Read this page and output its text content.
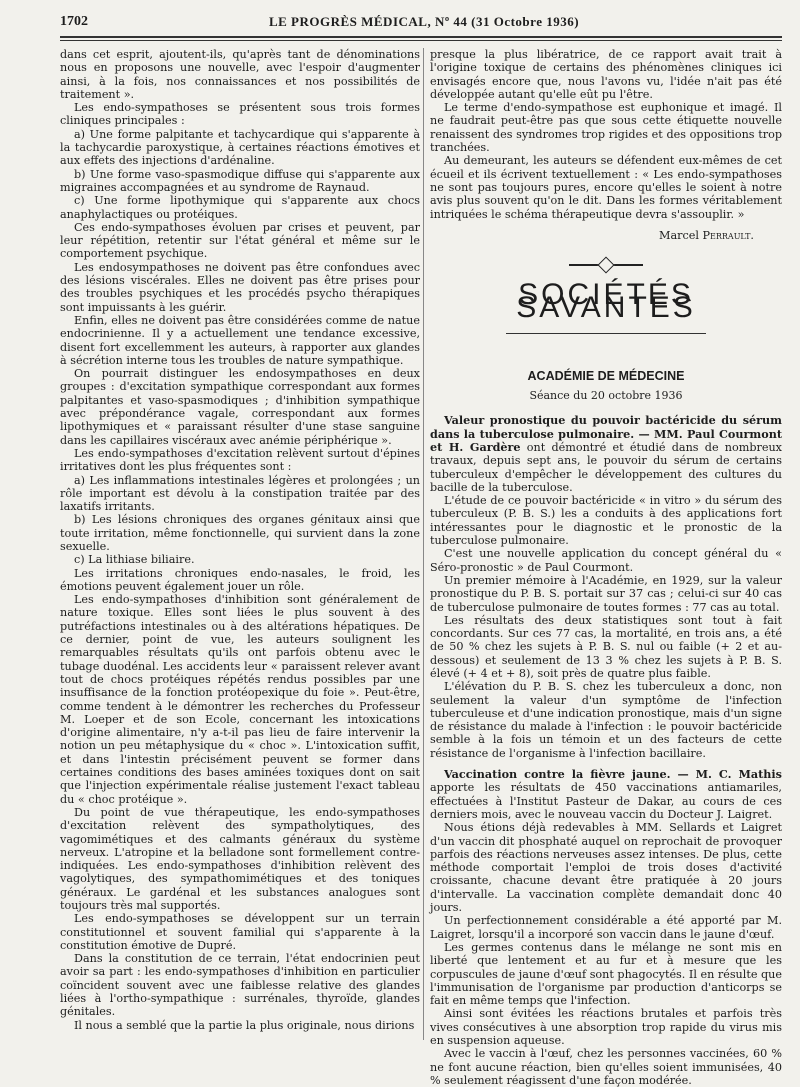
1702	LE PROGRÈS MÉDICAL, Nº 44 (31 Octobre 1936)

dans cet esprit, ajoutent-ils, qu'après tant de dénominations nous en proposons une nouvelle, avec l'espoir d'augmenter ainsi, à la fois, nos connaissances et nos possibilités de traitement ».

Les endo-sympathoses se présentent sous trois formes cliniques principales :

a) Une forme palpitante et tachycardique qui s'apparente à la tachycardie paroxystique, à certaines réactions émotives et aux effets des injections d'ardénaline.

b) Une forme vaso-spasmodique diffuse qui s'apparente aux migraines accompagnées et au syndrome de Raynaud.

c) Une forme lipothymique qui s'apparente aux chocs anaphylactiques ou protéiques.

Ces endo-sympathoses évoluen par crises et peuvent, par leur répétition, retentir sur l'état général et même sur le comportement psychique.

Les endosympathoses ne doivent pas être confondues avec des lésions viscérales. Elles ne doivent pas être prises pour des troubles psychiques et les procédés psycho thérapiques sont impuissants à les guérir.

Enfin, elles ne doivent pas être considérées comme de natue endocrinienne. Il y a actuellement une tendance excessive, disent fort excellemment les auteurs, à rapporter aux glandes à sécrétion interne tous les troubles de nature sympathique.

On pourrait distinguer les endosympathoses en deux groupes : d'excitation sympathique correspondant aux formes palpitantes et vaso-spasmodiques ; d'inhibition sympathique avec prépondérance vagale, correspondant aux formes lipothymiques et « paraissant résulter d'une stase sanguine dans les capillaires viscéraux avec anémie périphérique ».

Les endo-sympathoses d'excitation relèvent surtout d'épines irritatives dont les plus fréquentes sont :

a) Les inflammations intestinales légères et prolongées ; un rôle important est dévolu à la constipation traitée par des laxatifs irritants.

b) Les lésions chroniques des organes génitaux ainsi que toute irritation, même fonctionnelle, qui survient dans la zone sexuelle.

c) La lithiase biliaire.

Les irritations chroniques endo-nasales, le froid, les émotions peuvent également jouer un rôle.

Les endo-sympathoses d'inhibition sont généralement de nature toxique. Elles sont liées le plus souvent à des putréfactions intestinales ou à des altérations hépatiques. De ce dernier, point de vue, les auteurs soulignent les remarquables résultats qu'ils ont parfois obtenu avec le tubage duodénal. Les accidents leur « paraissent relever avant tout de chocs protéiques répétés rendus possibles par une insuffisance de la fonction protéopexique du foie ». Peut-être, comme tendent à le démontrer les recherches du Professeur M. Loeper et de son Ecole, concernant les intoxications d'origine alimentaire, n'y a-t-il pas lieu de faire intervenir la notion un peu métaphysique du « choc ». L'intoxication suffit, et dans l'intestin précisément peuvent se former dans certaines conditions des bases aminées toxiques dont on sait que l'injection expérimentale réalise justement l'exact tableau du « choc protéique ».

Du point de vue thérapeutique, les endo-sympathoses d'excitation relèvent des sympatholytiques, des vagomimétiques et des calmants généraux du système nerveux. L'atropine et la belladone sont formellement contre-indiquées. Les endo-sympathoses d'inhibition relèvent des vagolytiques, des sympathomimétiques et des toniques généraux. Le gardénal et les substances analogues sont toujours très mal supportés.

Les endo-sympathoses se développent sur un terrain constitutionnel et souvent familial qui s'apparente à la constitution émotive de Dupré.

Dans la constitution de ce terrain, l'état endocrinien peut avoir sa part : les endo-sympathoses d'inhibition en particulier coïncident souvent avec une faiblesse relative des glandes liées à l'ortho-sympathique : surrénales, thyroïde, glandes génitales.

Il nous a semblé que la partie la plus originale, nous dirions

presque la plus libératrice, de ce rapport avait trait à l'origine toxique de certains des phénomènes cliniques ici envisagés encore que, nous l'avons vu, l'idée n'ait pas été développée autant qu'elle eût pu l'être.

Le terme d'endo-sympathose est euphonique et imagé. Il ne faudrait peut-être pas que sous cette étiquette nouvelle renaissent des syndromes trop rigides et des oppositions trop tranchées.

Au demeurant, les auteurs se défendent eux-mêmes de cet écueil et ils écrivent textuellement : « Les endo-sympathoses ne sont pas toujours pures, encore qu'elles le soient à notre avis plus souvent qu'on le dit. Dans les formes véritablement intriquées le schéma thérapeutique devra s'assouplir. »

Marcel Perrault.
SOCIÉTÉS SAVANTES
ACADÉMIE DE MÉDECINE
Séance du 20 octobre 1936

Valeur pronostique du pouvoir bactéricide du sérum dans la tuberculose pulmonaire. — MM. Paul Courmont et H. Gardère ont démontré et étudié dans de nombreux travaux, depuis sept ans, le pouvoir du sérum de certains tuberculeux d'empêcher le développement des cultures du bacille de la tuberculose.

L'étude de ce pouvoir bactéricide « in vitro » du sérum des tuberculeux (P. B. S.) les a conduits à des applications fort intéressantes pour le diagnostic et le pronostic de la tuberculose pulmonaire.

C'est une nouvelle application du concept général du « Séro-pronostic » de Paul Courmont.

Un premier mémoire à l'Académie, en 1929, sur la valeur pronostique du P. B. S. portait sur 37 cas ; celui-ci sur 40 cas de tuberculose pulmonaire de toutes formes : 77 cas au total.

Les résultats des deux statistiques sont tout à fait concordants. Sur ces 77 cas, la mortalité, en trois ans, a été de 50 % chez les sujets à P. B. S. nul ou faible (+ 2 et au-dessous) et seulement de 13 3 % chez les sujets à P. B. S. élevé (+ 4 et + 8), soit près de quatre plus faible.

L'élévation du P. B. S. chez les tuberculeux a donc, non seulement la valeur d'un symptôme de l'infection tuberculeuse et d'une indication pronostique, mais d'un signe de résistance du malade à l'infection : le pouvoir bactéricide semble à la fois un témoin et un des facteurs de cette résistance de l'organisme à l'infection bacillaire.

Vaccination contre la fièvre jaune. — M. C. Mathis apporte les résultats de 450 vaccinations antiamariles, effectuées à l'Institut Pasteur de Dakar, au cours de ces derniers mois, avec le nouveau vaccin du Docteur J. Laigret.

Nous étions déjà redevables à MM. Sellards et Laigret d'un vaccin dit phosphaté auquel on reprochait de provoquer parfois des réactions nerveuses assez intenses. De plus, cette méthode comportait l'emploi de trois doses d'activité croissante, chacune devant être pratiquée à 20 jours d'intervalle. La vaccination complète demandait donc 40 jours.

Un perfectionnement considérable a été apporté par M. Laigret, lorsqu'il a incorporé son vaccin dans le jaune d'œuf.

Les germes contenus dans le mélange ne sont mis en liberté que lentement et au fur et à mesure que les corpuscules de jaune d'œuf sont phagocytés. Il en résulte que l'immunisation de l'organisme par production d'anticorps se fait en même temps que l'infection.

Ainsi sont évitées les réactions brutales et parfois très vives consécutives à une absorption trop rapide du virus mis en suspension aqueuse.

Avec le vaccin à l'œuf, chez les personnes vaccinées, 60 % ne font aucune réaction, bien qu'elles soient immunisées, 40 % seulement réagissent d'une façon modérée.
